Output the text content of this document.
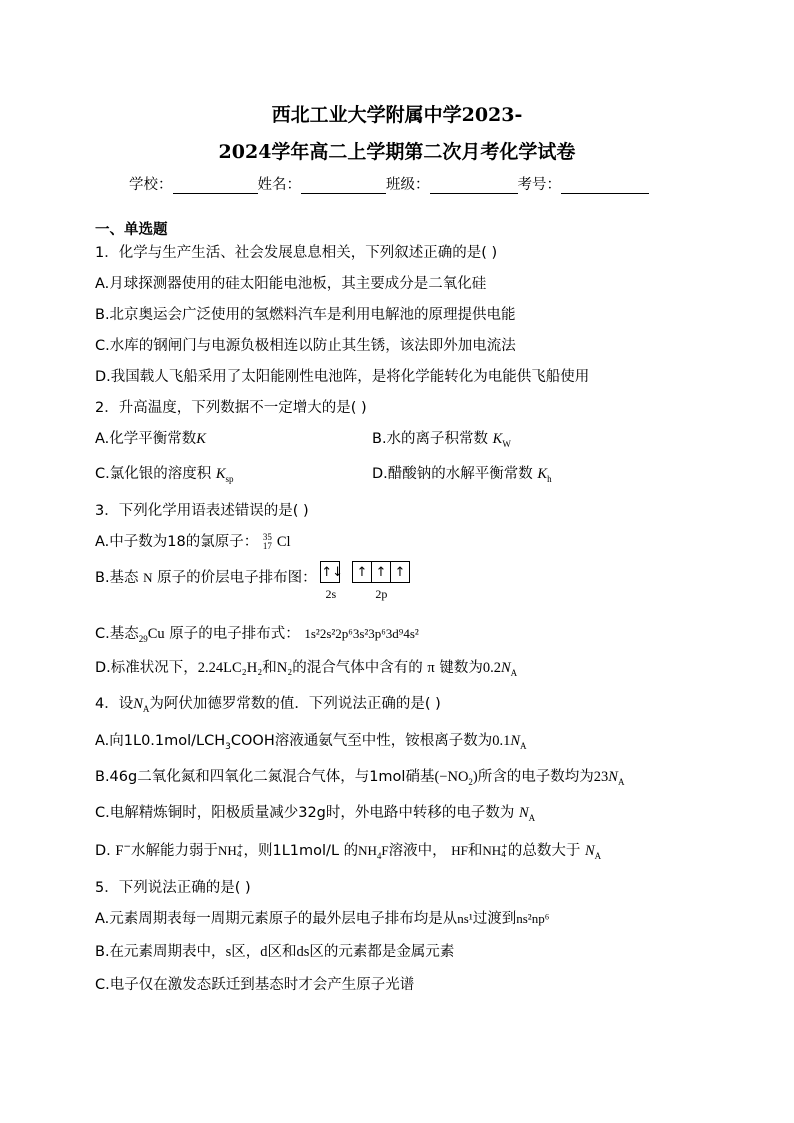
西北工业大学附属中学2023-
2024学年高二上学期第二次月考化学试卷
学校：	姓名：	班级：	考号：
一、单选题
1．化学与生产生活、社会发展息息相关，下列叙述正确的是( )
A.月球探测器使用的硅太阳能电池板，其主要成分是二氧化硅
B.北京奥运会广泛使用的氢燃料汽车是利用电解池的原理提供电能
C.水库的钢闸门与电源负极相连以防止其生锈，该法即外加电流法
D.我国载人飞船采用了太阳能刚性电池阵，是将化学能转化为电能供飞船使用
2．升高温度，下列数据不一定增大的是( )
A.化学平衡常数K	B.水的离子积常数 $K_W$
C.氯化银的溶度积 $K_{sp}$	D.醋酸钠的水解平衡常数 $K_h$
3．下列化学用语表述错误的是( )
A.中子数为18的氯原子： 35
17 Cl
B.基态 N 原子的价层电子排布图： ↑↓
2s
↑ ↑ ↑
2p
C.基态$_{29}$Cu 原子的电子排布式： 1s²2s²2p⁶3s²3p⁶3d⁹4s²
D.标准状况下，2.24LC₂H₂和N₂的混合气体中含有的 π 键数为$0.2N_A$
4．设$N_A$为阿伏加德罗常数的值．下列说法正确的是( )
A.向$1L0.1mol/LCH_3COOH$溶液通氨气至中性，铵根离子数为$0.1N_A$
B.46g二氧化氮和四氧化二氮混合气体，与1mol硝基$(-NO_2)$所含的电子数均为$23N_A$
C.电解精炼铜时，阳极质量减少32g时，外电路中转移的电子数为 $N_A$
D. F−水解能力弱于NH +
4 ，则1L1mol/L 的$NH_4F$溶液中， HF和NH +
4 的总数大于 $N_A$
5．下列说法正确的是( )
A.元素周期表每一周期元素原子的最外层电子排布均是从ns¹过渡到ns²np⁶
B.在元素周期表中，s区，d区和ds区的元素都是金属元素
C.电子仅在激发态跃迁到基态时才会产生原子光谱
